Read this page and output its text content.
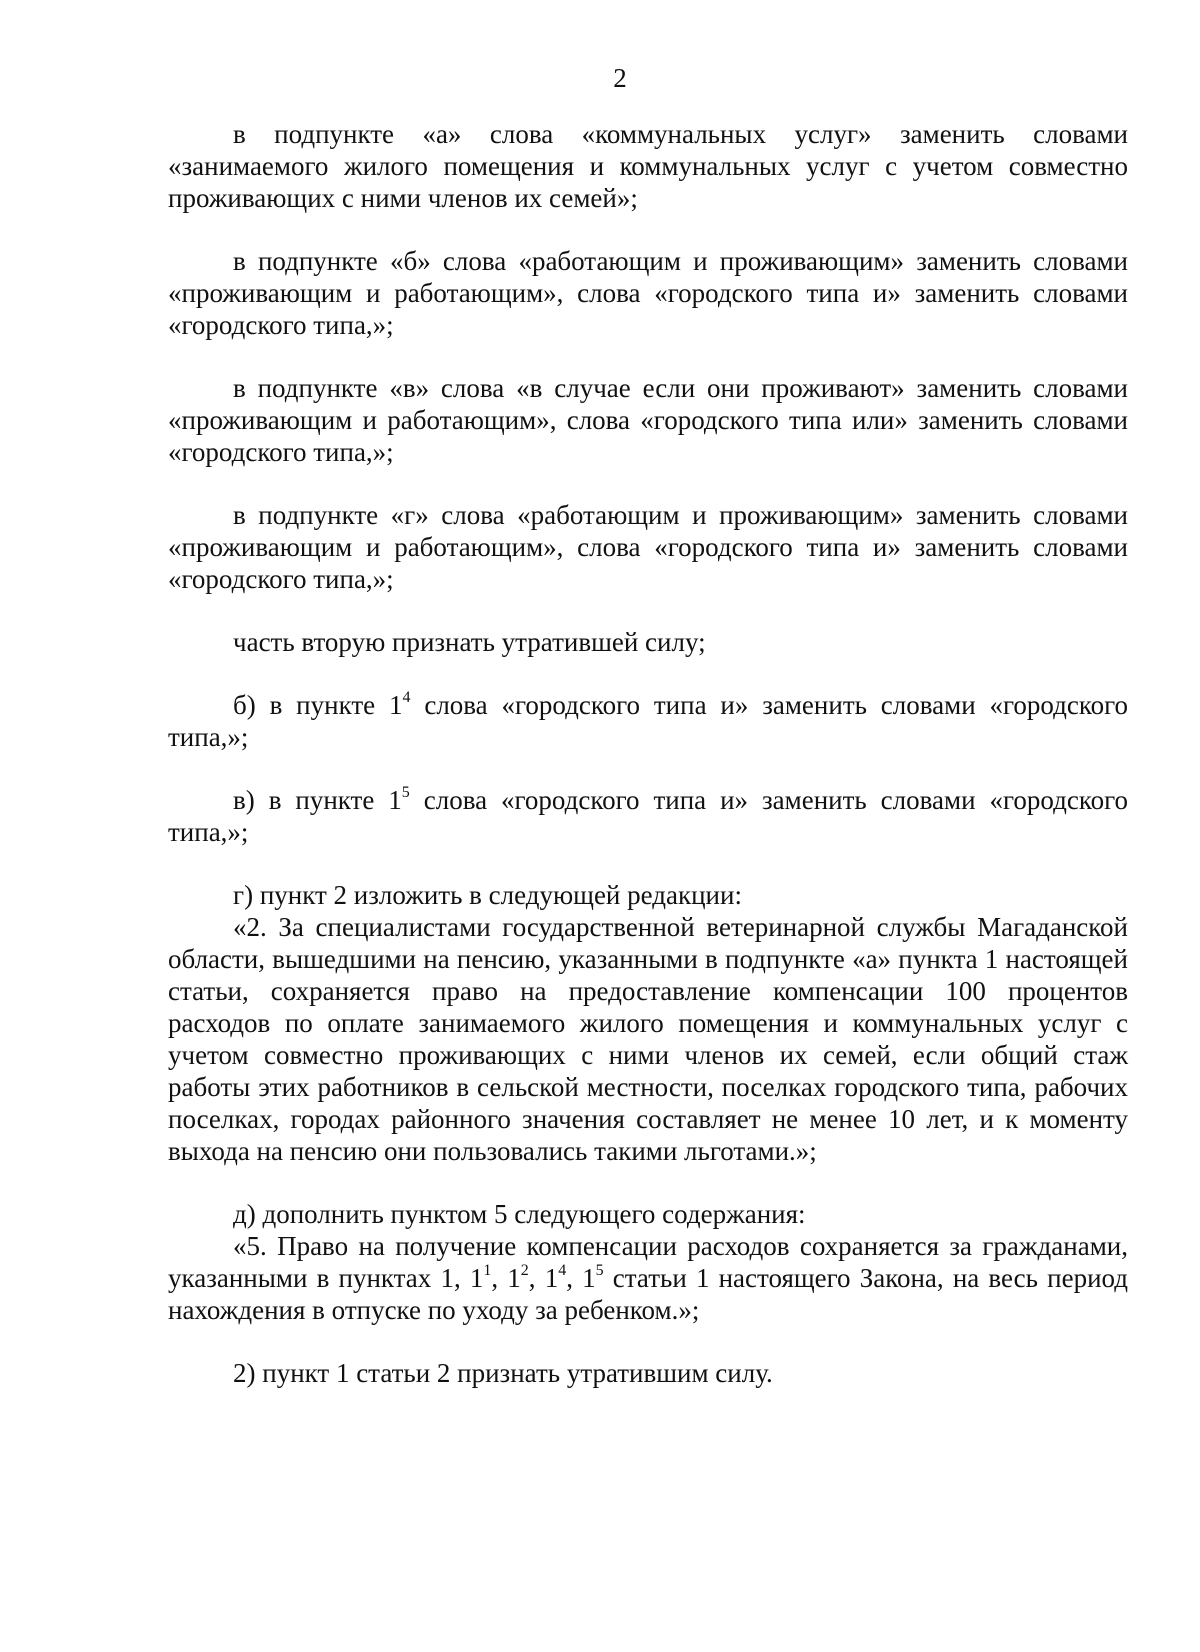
2

в подпункте «а» слова «коммунальных услуг» заменить словами «занимаемого жилого помещения и коммунальных услуг с учетом совместно проживающих с ними членов их семей»;

в подпункте «б» слова «работающим и проживающим» заменить словами «проживающим и работающим», слова «городского типа и» заменить словами «городского типа,»;

в подпункте «в» слова «в случае если они проживают» заменить словами «проживающим и работающим», слова «городского типа или» заменить словами «городского типа,»;

в подпункте «г» слова «работающим и проживающим» заменить словами «проживающим и работающим», слова «городского типа и» заменить словами «городского типа,»;

часть вторую признать утратившей силу;

б) в пункте $1^4$ слова «городского типа и» заменить словами «городского типа,»;

в) в пункте $1^5$ слова «городского типа и» заменить словами «городского типа,»;

г) пункт 2 изложить в следующей редакции:

«2. За специалистами государственной ветеринарной службы Магаданской области, вышедшими на пенсию, указанными в подпункте «а» пункта 1 настоящей статьи, сохраняется право на предоставление компенсации 100 процентов расходов по оплате занимаемого жилого помещения и коммунальных услуг с учетом совместно проживающих с ними членов их семей, если общий стаж работы этих работников в сельской местности, поселках городского типа, рабочих поселках, городах районного значения составляет не менее 10 лет, и к моменту выхода на пенсию они пользовались такими льготами.»;

д) дополнить пунктом 5 следующего содержания:

«5. Право на получение компенсации расходов сохраняется за гражданами, указанными в пунктах 1, $1^1$, $1^2$, $1^4$, $1^5$ статьи 1 настоящего Закона, на весь период нахождения в отпуске по уходу за ребенком.»;

2) пункт 1 статьи 2 признать утратившим силу.
